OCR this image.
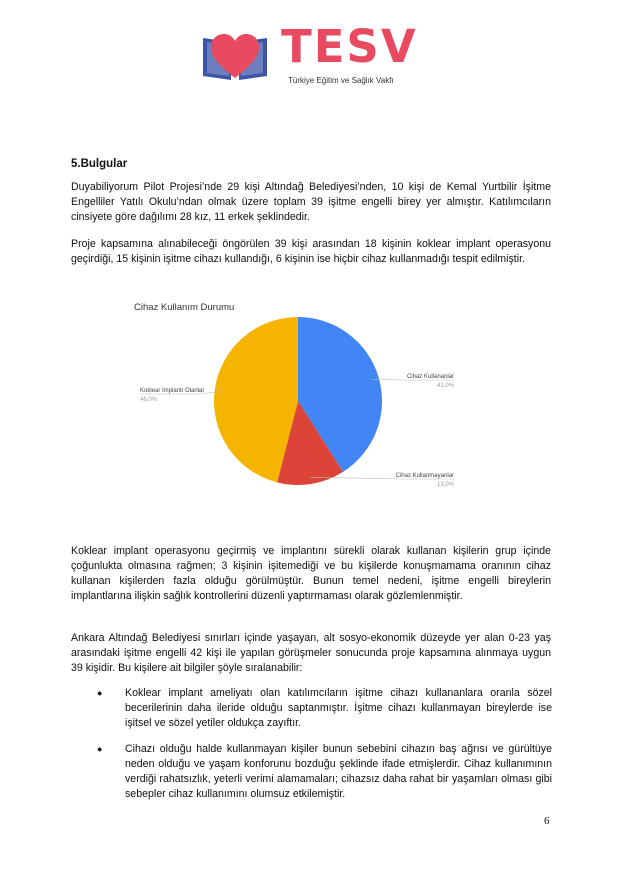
TESV
Türkiye Eğitim ve Sağlık Vakfı
5.Bulgular
Duyabiliyorum Pilot Projesi’nde 29 kişi Altındağ Belediyesi’nden, 10 kişi de Kemal Yurtbilir İşitme Engelliler Yatılı Okulu’ndan olmak üzere toplam 39 işitme engelli birey yer almıştır. Katılımcıların cinsiyete göre dağılımı 28 kız, 11 erkek şeklindedir.
Proje kapsamına alınabileceği öngörülen 39 kişi arasından 18 kişinin koklear implant operasyonu geçirdiği, 15 kişinin işitme cihazı kullandığı, 6 kişinin ise hiçbir cihaz kullanmadığı tespit edilmiştir.
Cihaz Kullanım Durumu
Cihaz Kullananlar
41,0%
Cihaz Kullanmayanlar
13,0%
Koklear İmplantı Olanlar
46,0%
Koklear implant operasyonu geçirmiş ve implantını sürekli olarak kullanan kişilerin grup içinde çoğunlukta olmasına rağmen; 3 kişinin işitemediği ve bu kişilerde konuşmamama oranının cihaz kullanan kişilerden fazla olduğu görülmüştür. Bunun temel nedeni, işitme engelli bireylerin implantlarına ilişkin sağlık kontrollerini düzenli yaptırmaması olarak gözlemlenmiştir.
Ankara Altındağ Belediyesi sınırları içinde yaşayan, alt sosyo-ekonomik düzeyde yer alan 0-23 yaş arasındaki işitme engelli 42 kişi ile yapılan görüşmeler sonucunda proje kapsamına alınmaya uygun 39 kişidir. Bu kişilere ait bilgiler şöyle sıralanabilir:
● Koklear implant ameliyatı olan katılımcıların işitme cihazı kullananlara oranla sözel becerilerinin daha ileride olduğu saptanmıştır. İşitme cihazı kullanmayan bireylerde ise işitsel ve sözel yetiler oldukça zayıftır.
● Cihazı olduğu halde kullanmayan kişiler bunun sebebini cihazın baş ağrısı ve gürültüye neden olduğu ve yaşam konforunu bozduğu şeklinde ifade etmişlerdir. Cihaz kullanımının verdiği rahatsızlık, yeterli verimi alamamaları; cihazsız daha rahat bir yaşamları olması gibi sebepler cihaz kullanımını olumsuz etkilemiştir.
6
